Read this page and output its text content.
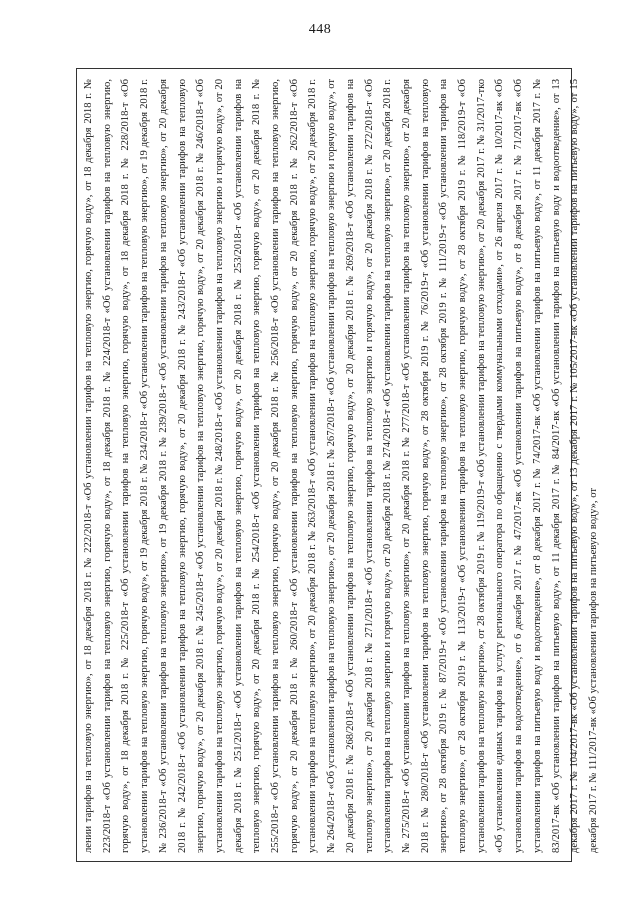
448

лении тарифов на тепловую энергию», от 18 декабря 2018 г. № 222/2018-т «Об установлении тарифов на тепловую энергию, горячую воду», от 18 декабря 2018 г. № 223/2018-т «Об установлении тарифов на тепловую энергию, горячую воду», от 18 декабря 2018 г. № 224/2018-т «Об установлении тарифов на тепловую энергию, горячую воду», от 18 декабря 2018 г. № 225/2018-т «Об установлении тарифов на тепловую энергию, горячую воду», от 18 декабря 2018 г. № 228/2018-т «Об установлении тарифов на тепловую энергию, горячую воду», от 19 декабря 2018 г. № 234/2018-т «Об установлении тарифов на тепловую энергию», от 19 декабря 2018 г. № 236/2018-т «Об установлении тарифов на тепловую энергию», от 19 декабря 2018 г. № 239/2018-т «Об установлении тарифов на тепловую энергию», от 20 декабря 2018 г. № 242/2018-т «Об установлении тарифов на тепловую энергию, горячую воду», от 20 декабря 2018 г. № 243/2018-т «Об установлении тарифов на тепловую энергию, горячую воду», от 20 декабря 2018 г. № 245/2018-т «Об установлении тарифов на тепловую энергию, горячую воду», от 20 декабря 2018 г. № 246/2018-т «Об установлении тарифов на тепловую энергию, горячую воду», от 20 декабря 2018 г. № 248/2018-т «Об установлении тарифов на тепловую энергию и горячую воду», от 20 декабря 2018 г. № 251/2018-т «Об установлении тарифов на тепловую энергию, горячую воду», от 20 декабря 2018 г. № 253/2018-т «Об установлении тарифов на тепловую энергию, горячую воду», от 20 декабря 2018 г. № 254/2018-т «Об установлении тарифов на тепловую энергию, горячую воду», от 20 декабря 2018 г. № 255/2018-т «Об установлении тарифов на тепловую энергию, горячую воду», от 20 декабря 2018 г. № 256/2018-т «Об установлении тарифов на тепловую энергию, горячую воду», от 20 декабря 2018 г. № 260/2018-т «Об установлении тарифов на тепловую энергию, горячую воду», от 20 декабря 2018 г. № 262/2018-т «Об установлении тарифов на тепловую энергию», от 20 декабря 2018 г. № 263/2018-т «Об установлении тарифов на тепловую энергию, горячую воду», от 20 декабря 2018 г. № 264/2018-т «Об установлении тарифов на тепловую энергию», от 20 декабря 2018 г. № 267/2018-т «Об установлении тарифов на тепловую энергию и горячую воду», от 20 декабря 2018 г. № 268/2018-т «Об установлении тарифов на тепловую энергию, горячую воду», от 20 декабря 2018 г. № 269/2018-т «Об установлении тарифов на тепловую энергию», от 20 декабря 2018 г. № 271/2018-т «Об установлении тарифов на тепловую энергию и горячую воду», от 20 декабря 2018 г. № 272/2018-т «Об установлении тарифов на тепловую энергию и горячую воду», от 20 декабря 2018 г. № 274/2018-т «Об установлении тарифов на тепловую энергию», от 20 декабря 2018 г. № 275/2018-т «Об установлении тарифов на тепловую энергию», от 20 декабря 2018 г. № 277/2018-т «Об установлении тарифов на тепловую энергию», от 20 декабря 2018 г. № 280/2018-т «Об установлении тарифов на тепловую энергию, горячую воду», от 28 октября 2019 г. № 76/2019-т «Об установлении тарифов на тепловую энергию», от 28 октября 2019 г. № 87/2019-т «Об установлении тарифов на тепловую энергию», от 28 октября 2019 г. № 111/2019-т «Об установлении тарифов на тепловую энергию», от 28 октября 2019 г. № 113/2019-т «Об установлении тарифов на тепловую энергию, горячую воду», от 28 октября 2019 г. № 118/2019-т «Об установлении тарифов на тепловую энергию», от 28 октября 2019 г. № 119/2019-т «Об установлении тарифов на тепловую энергию», от 20 декабря 2017 г. № 31/2017-тко «Об установлении единых тарифов на услугу регионального оператора по обращению с твердыми коммунальными отходами», от 26 апреля 2017 г. № 10/2017-вк «Об установлении тарифов на водоотведение», от 6 декабря 2017 г. № 47/2017-вк «Об установлении тарифов на питьевую воду», от 8 декабря 2017 г. № 71/2017-вк «Об установлении тарифов на питьевую воду и водоотведение», от 8 декабря 2017 г. № 74/2017-вк «Об установлении тарифов на питьевую воду», от 11 декабря 2017 г. № 83/2017-вк «Об установлении тарифов на питьевую воду», от 11 декабря 2017 г. № 84/2017-вк «Об установлении тарифов на питьевую воду и водоотведение», от 13 декабря 2017 г. № 104/2017-вк «Об установлении тарифов на питьевую воду», от 13 декабря 2017 г. № 105/2017-вк «Об установлении тарифов на питьевую воду», от 15 декабря 2017 г. № 111/2017-вк «Об установлении тарифов на питьевую воду», от
